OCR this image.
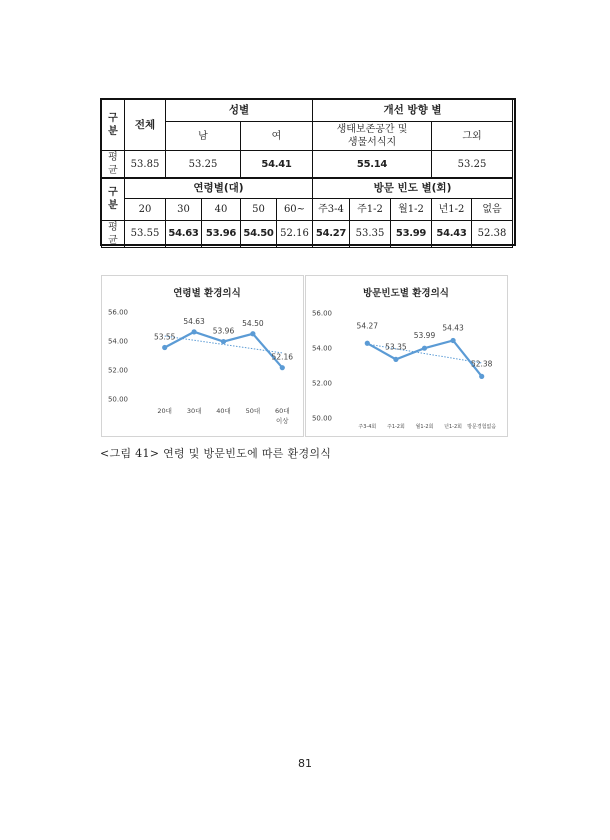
구분	전체	성별				개선 방향 별				
		남		여		생태보존공간 및 생물서식지			그외	
평균	53.85	53.25		54.41		55.14			53.25	
구분	연령별(대)					방문 빈도 별(회)				
	20	30	40	50	60~	주3-4	주1-2	월1-2	년1-2	없음
평균	53.55	54.63	53.96	54.50	52.16	54.27	53.35	53.99	54.43	52.38
연령별 환경의식
56.00
54.00
52.00
50.00
20대 30대 40대 50대 60대
이상
53.55
54.63
53.96
54.50
52.16
방문빈도별 환경의식
56.00
54.00
52.00
50.00
주3-4회 주1-2회 월1-2회 년1-2회 방문경험없음
54.27
53.35
53.99
54.43
52.38
<그림 41> 연령 및 방문빈도에 따른 환경의식
81
